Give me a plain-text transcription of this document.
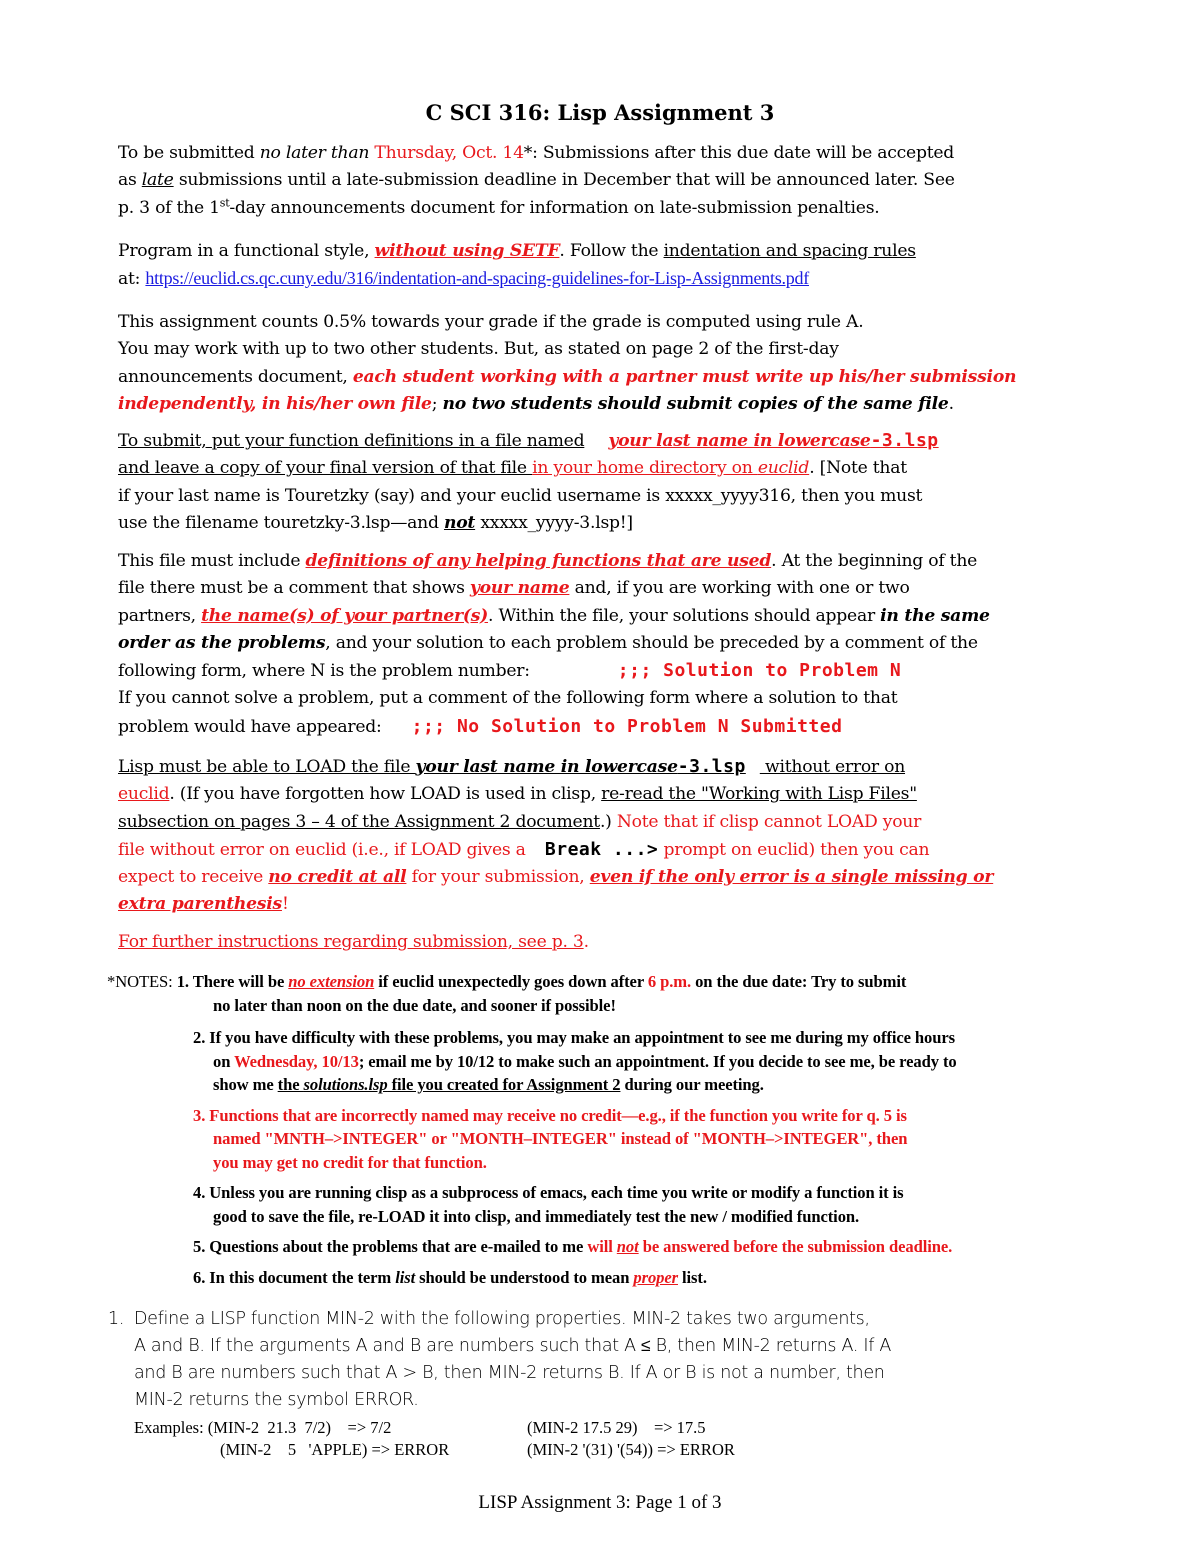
C SCI 316: Lisp Assignment 3

To be submitted no later than Thursday, Oct. 14*: Submissions after this due date will be accepted

as late submissions until a late-submission deadline in December that will be announced later. See

p. 3 of the 1st-day announcements document for information on late-submission penalties.

Program in a functional style, without using SETF. Follow the indentation and spacing rules

at: https://euclid.cs.qc.cuny.edu/316/indentation-and-spacing-guidelines-for-Lisp-Assignments.pdf

This assignment counts 0.5% towards your grade if the grade is computed using rule A.

You may work with up to two other students. But, as stated on page 2 of the first-day

announcements document, each student working with a partner must write up his/her submission

independently, in his/her own file; no two students should submit copies of the same file.

To submit, put your function definitions in a file named your last name in lowercase-3.lsp

and leave a copy of your final version of that file in your home directory on euclid. [Note that

if your last name is Touretzky (say) and your euclid username is xxxxx_yyyy316, then you must

use the filename touretzky-3.lsp—and not xxxxx_yyyy-3.lsp!]

This file must include definitions of any helping functions that are used. At the beginning of the

file there must be a comment that shows your name and, if you are working with one or two

partners, the name(s) of your partner(s). Within the file, your solutions should appear in the same

order as the problems, and your solution to each problem should be preceded by a comment of the

following form, where N is the problem number:	;;; Solution to Problem N

If you cannot solve a problem, put a comment of the following form where a solution to that

problem would have appeared: ;;; No Solution to Problem N Submitted

Lisp must be able to LOAD the file your last name in lowercase-3.lsp without error on

euclid. (If you have forgotten how LOAD is used in clisp, re-read the "Working with Lisp Files"

subsection on pages 3 – 4 of the Assignment 2 document.) Note that if clisp cannot LOAD your

file without error on euclid (i.e., if LOAD gives a Break ...> prompt on euclid) then you can

expect to receive no credit at all for your submission, even if the only error is a single missing or

extra parenthesis!

For further instructions regarding submission, see p. 3.

*NOTES: 1. There will be no extension if euclid unexpectedly goes down after 6 p.m. on the due date: Try to submit

no later than noon on the due date, and sooner if possible!

2. If you have difficulty with these problems, you may make an appointment to see me during my office hours
on Wednesday, 10/13; email me by 10/12 to make such an appointment. If you decide to see me, be ready to
show me the solutions.lsp file you created for Assignment 2 during our meeting.
3. Functions that are incorrectly named may receive no credit—e.g., if the function you write for q. 5 is
named "MNTH–>INTEGER" or "MONTH–INTEGER" instead of "MONTH–>INTEGER", then
you may get no credit for that function.
4. Unless you are running clisp as a subprocess of emacs, each time you write or modify a function it is
good to save the file, re-LOAD it into clisp, and immediately test the new / modified function.
5. Questions about the problems that are e-mailed to me will not be answered before the submission deadline.
6. In this document the term list should be understood to mean proper list.
1. Define a LISP function MIN-2 with the following properties. MIN-2 takes two arguments,
A and B. If the arguments A and B are numbers such that A ≤ B, then MIN-2 returns A. If A
and B are numbers such that A > B, then MIN-2 returns B. If A or B is not a number, then
MIN-2 returns the symbol ERROR.
Examples: (MIN-2  21.3  7/2)    => 7/2	(MIN-2 17.5 29)    => 17.5
(MIN-2    5   'APPLE) => ERROR	(MIN-2 '(31) '(54)) => ERROR
LISP Assignment 3: Page 1 of 3
